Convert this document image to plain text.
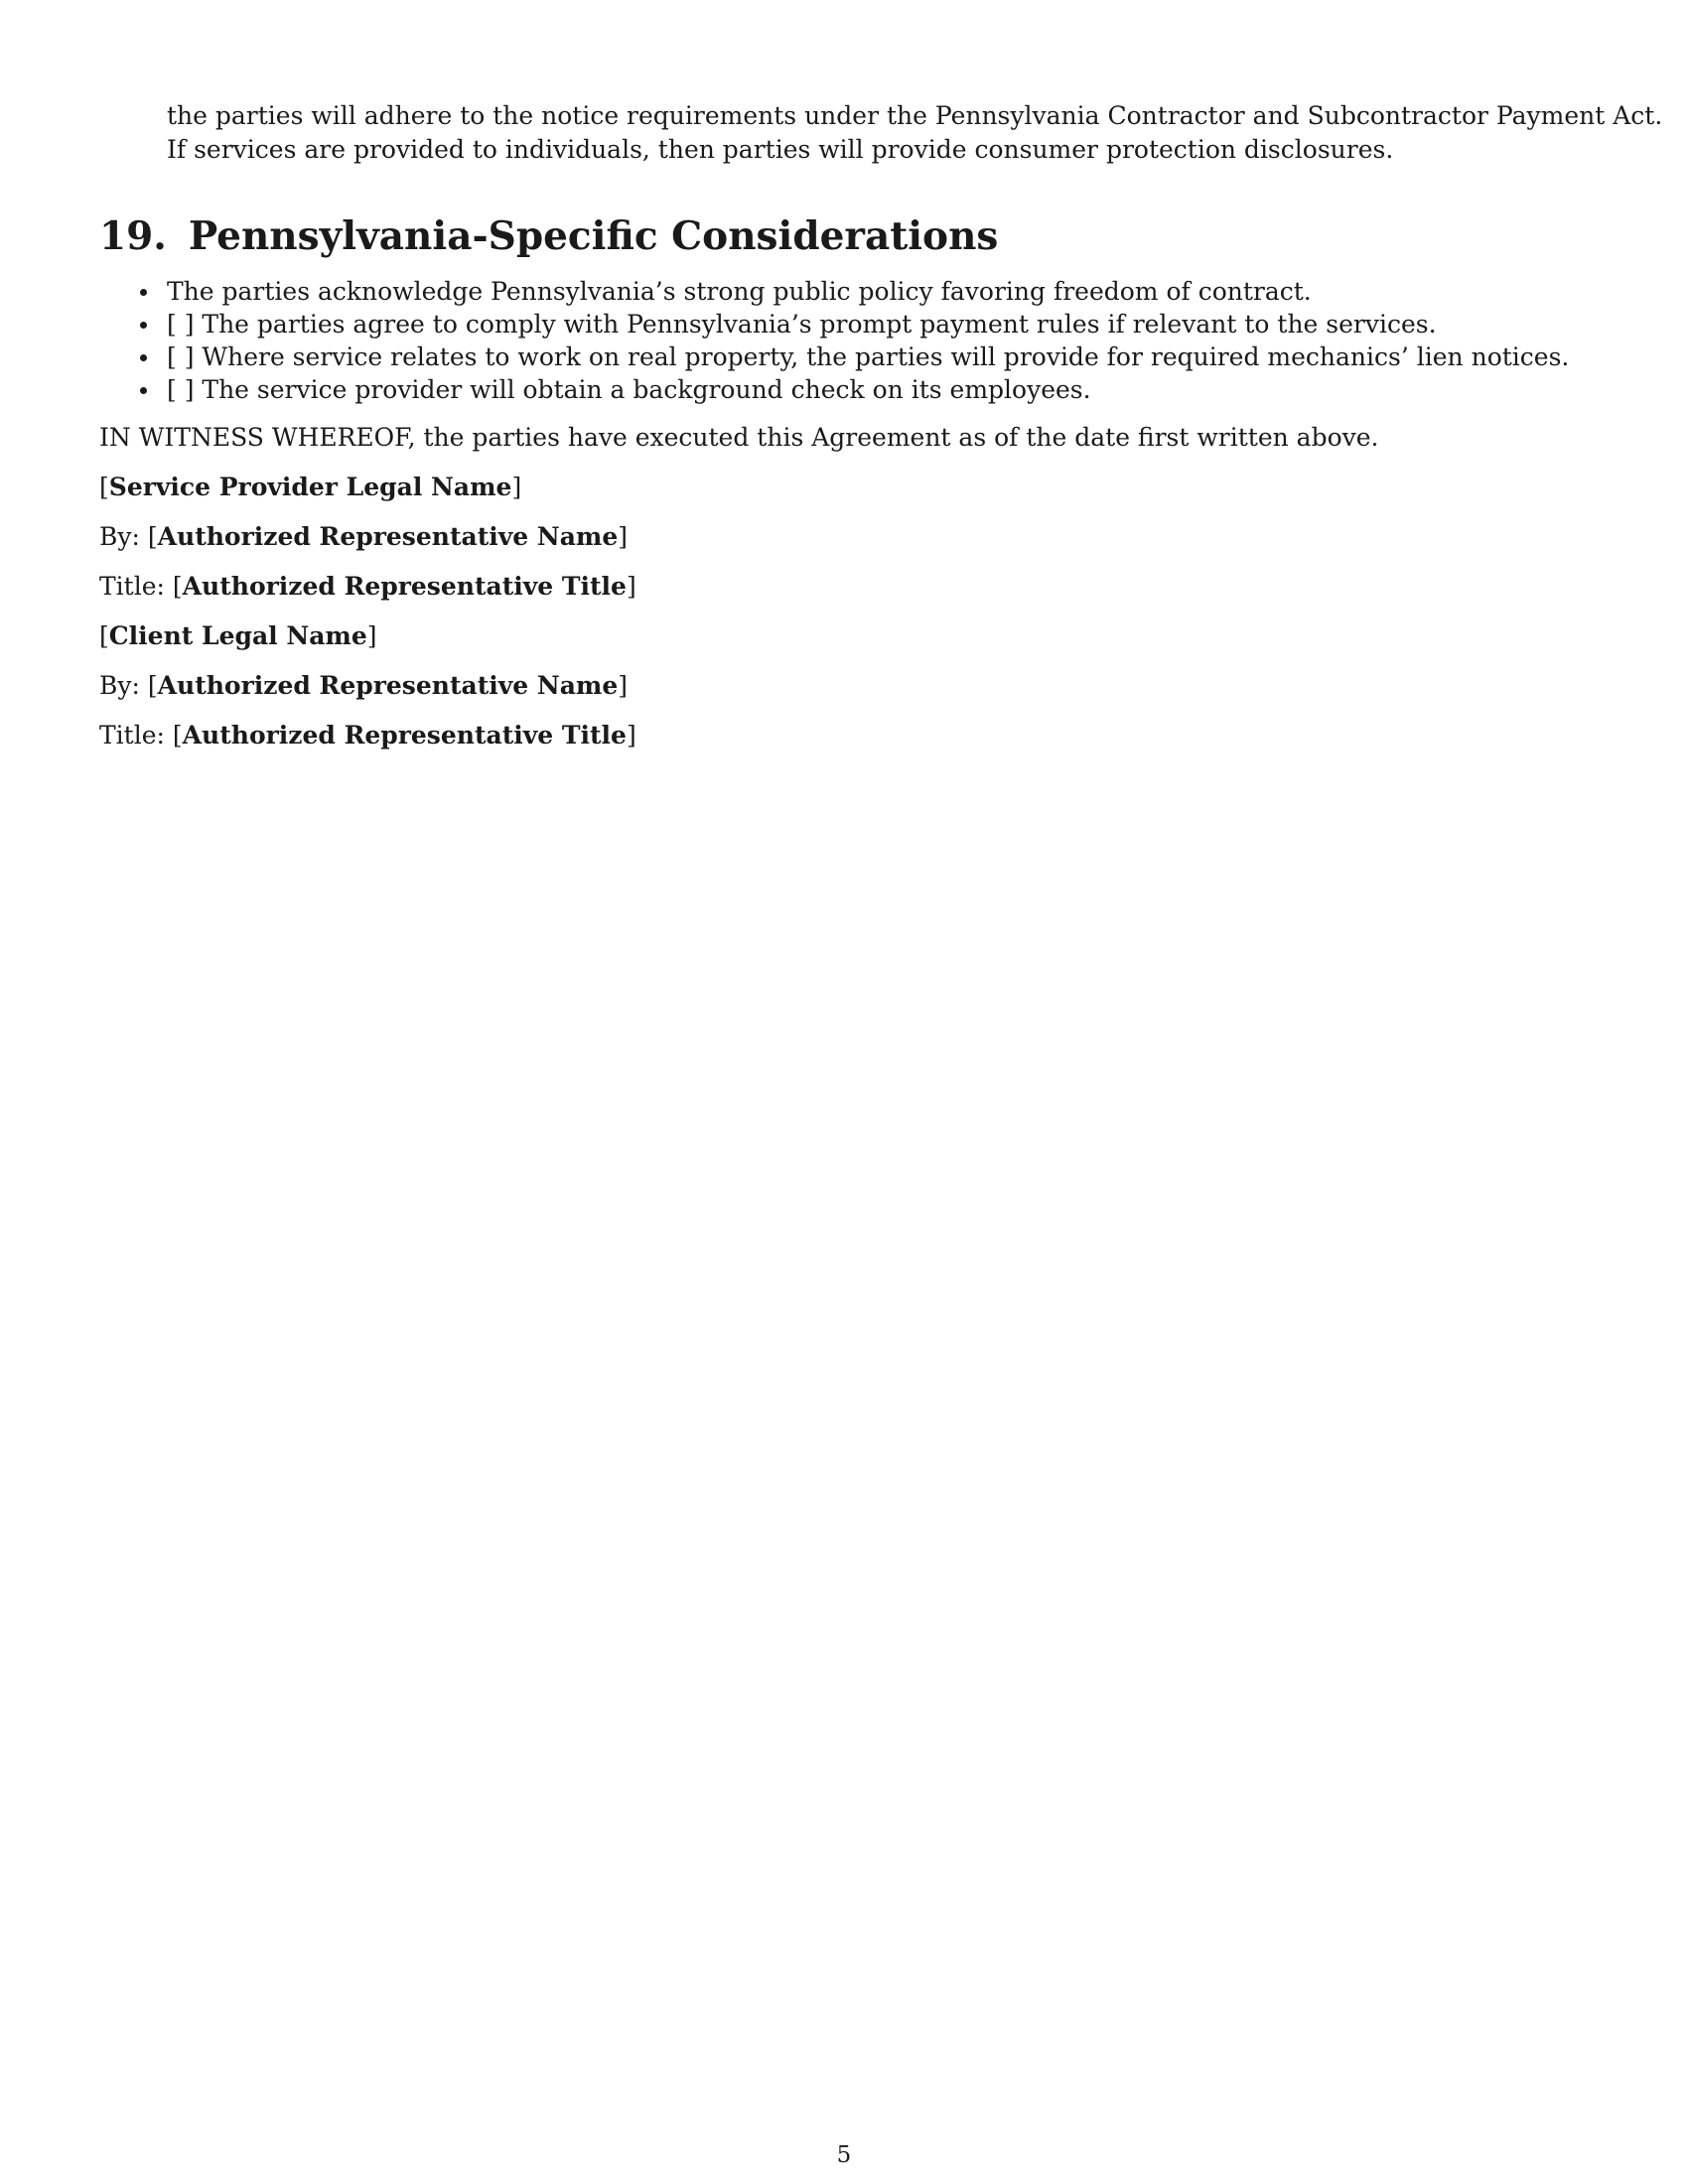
the parties will adhere to the notice requirements under the Pennsylvania Contractor and Subcontractor Payment Act.

If services are provided to individuals, then parties will provide consumer protection disclosures.

19. Pennsylvania-Specific Considerations
The parties acknowledge Pennsylvania’s strong public policy favoring freedom of contract.
[ ] The parties agree to comply with Pennsylvania’s prompt payment rules if relevant to the services.
[ ] Where service relates to work on real property, the parties will provide for required mechanics’ lien notices.
[ ] The service provider will obtain a background check on its employees.

IN WITNESS WHEREOF, the parties have executed this Agreement as of the date first written above.

[Service Provider Legal Name]

By: [Authorized Representative Name]

Title: [Authorized Representative Title]

[Client Legal Name]

By: [Authorized Representative Name]

Title: [Authorized Representative Title]

5
